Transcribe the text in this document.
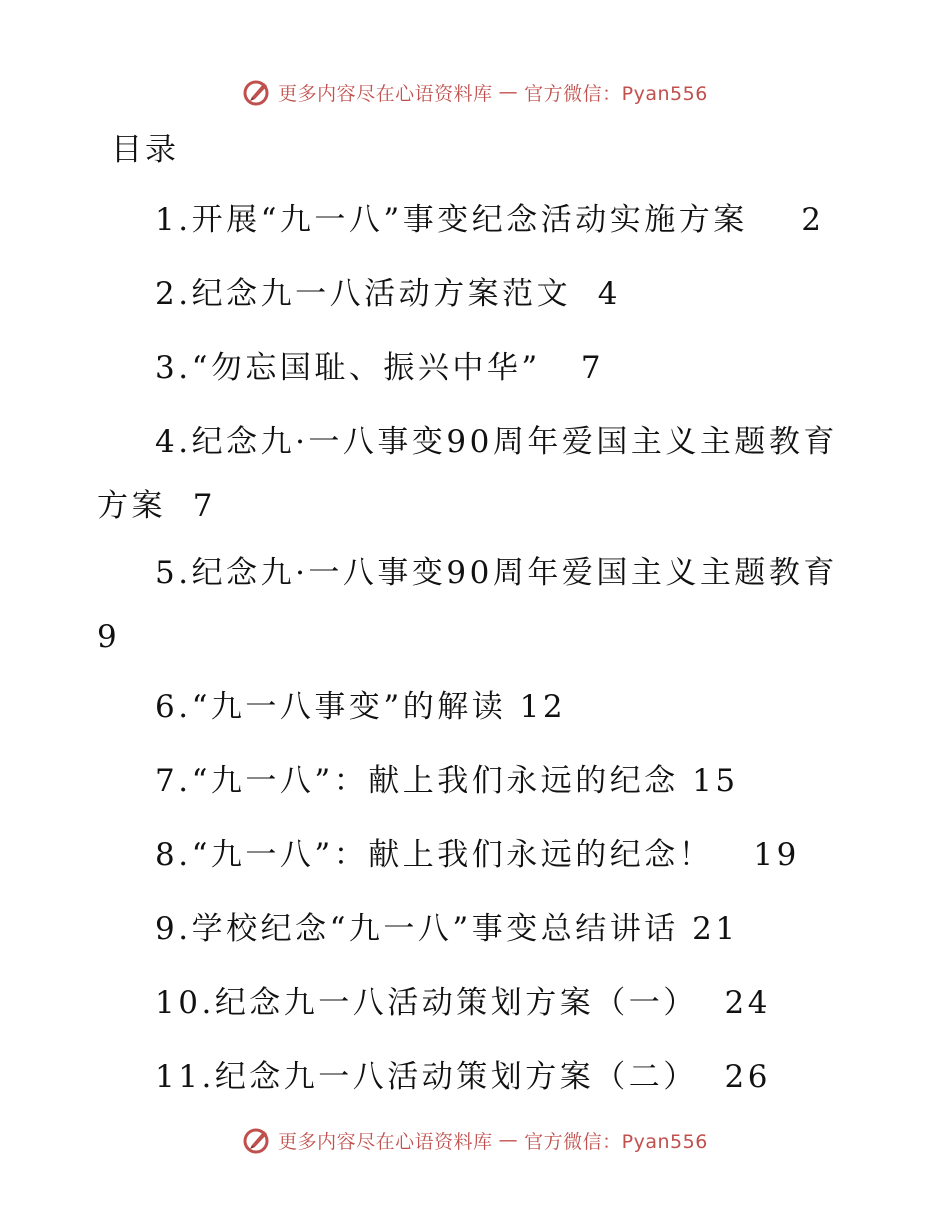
更多内容尽在心语资料库 — 官方微信：Pyan556
目录
1.开展“九一八”事变纪念活动实施方案 2
2.纪念九一八活动方案范文 4
3.“勿忘国耻、振兴中华” 7
4.纪念九·一八事变90周年爱国主义主题教育方案 7
5.纪念九·一八事变90周年爱国主义主题教育9
6.“九一八事变”的解读 12
7.“九一八”：献上我们永远的纪念 15
8.“九一八”：献上我们永远的纪念！ 19
9.学校纪念“九一八”事变总结讲话 21
10.纪念九一八活动策划方案（一） 24
11.纪念九一八活动策划方案（二） 26
更多内容尽在心语资料库 — 官方微信：Pyan556
